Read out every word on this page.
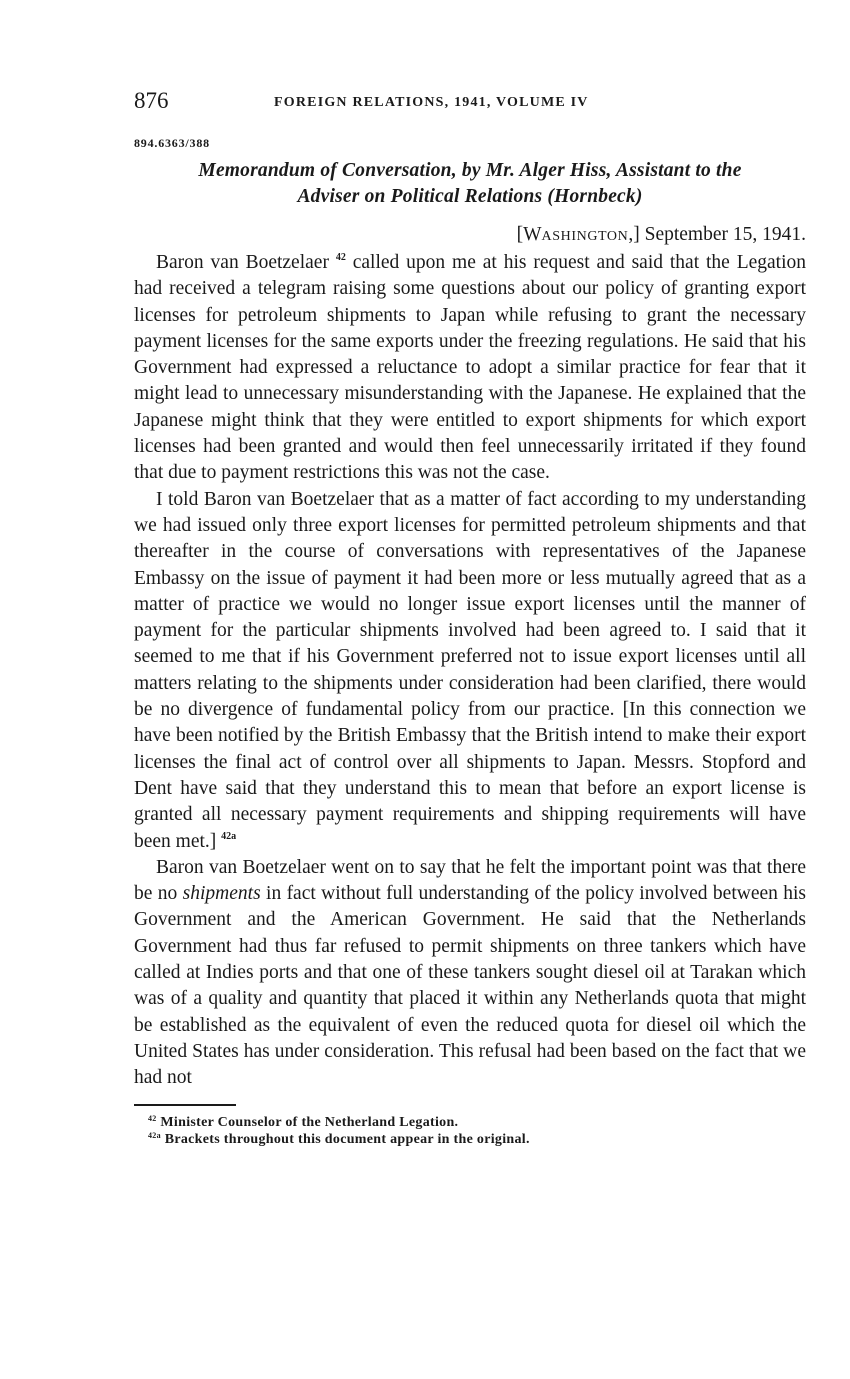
876	FOREIGN RELATIONS, 1941, VOLUME IV
894.6363/388
Memorandum of Conversation, by Mr. Alger Hiss, Assistant to the
Adviser on Political Relations (Hornbeck)
[WASHINGTON,] September 15, 1941.

Baron van Boetzelaer $^{42}$ called upon me at his request and said that the Legation had received a telegram raising some questions about our policy of granting export licenses for petroleum shipments to Japan while refusing to grant the necessary payment licenses for the same exports under the freezing regulations. He said that his Government had expressed a reluctance to adopt a similar practice for fear that it might lead to unnecessary misunderstanding with the Japanese. He explained that the Japanese might think that they were entitled to export shipments for which export licenses had been granted and would then feel unnecessarily irritated if they found that due to payment restrictions this was not the case.

I told Baron van Boetzelaer that as a matter of fact according to my understanding we had issued only three export licenses for permitted petroleum shipments and that thereafter in the course of conversations with representatives of the Japanese Embassy on the issue of payment it had been more or less mutually agreed that as a matter of practice we would no longer issue export licenses until the manner of payment for the particular shipments involved had been agreed to. I said that it seemed to me that if his Government preferred not to issue export licenses until all matters relating to the shipments under consideration had been clarified, there would be no divergence of fundamental policy from our practice. [In this connection we have been notified by the British Embassy that the British intend to make their export licenses the final act of control over all shipments to Japan. Messrs. Stopford and Dent have said that they understand this to mean that before an export license is granted all necessary payment requirements and shipping requirements will have been met.] $^{42a}$

Baron van Boetzelaer went on to say that he felt the important point was that there be no shipments in fact without full understanding of the policy involved between his Government and the American Government. He said that the Netherlands Government had thus far refused to permit shipments on three tankers which have called at Indies ports and that one of these tankers sought diesel oil at Tarakan which was of a quality and quantity that placed it within any Netherlands quota that might be established as the equivalent of even the reduced quota for diesel oil which the United States has under consideration. This refusal had been based on the fact that we had not

$^{42}$ Minister Counselor of the Netherland Legation.
$^{42a}$ Brackets throughout this document appear in the original.
